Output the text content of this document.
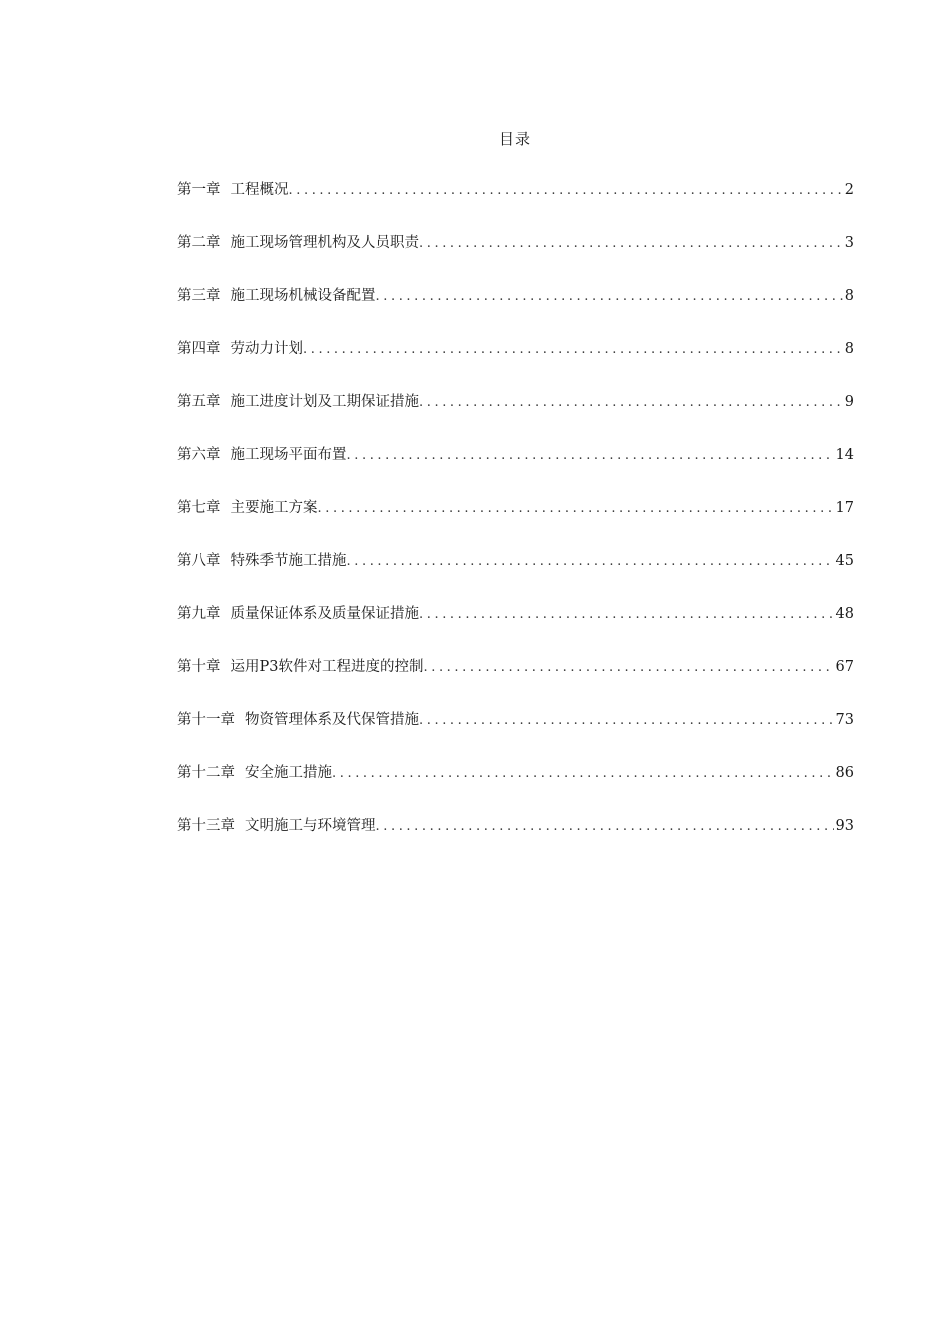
目录
第一章 工程概况 .....	2
第二章 施工现场管理机构及人员职责 .....	3
第三章 施工现场机械设备配置 .....	8
第四章 劳动力计划 .....	8
第五章 施工进度计划及工期保证措施 .....	9
第六章 施工现场平面布置 .....	14
第七章 主要施工方案 .....	17
第八章 特殊季节施工措施 .....	45
第九章 质量保证体系及质量保证措施 .....	48
第十章 运用P3软件对工程进度的控制 .....	67
第十一章 物资管理体系及代保管措施 .....	73
第十二章 安全施工措施 .....	86
第十三章 文明施工与环境管理 .....	93
